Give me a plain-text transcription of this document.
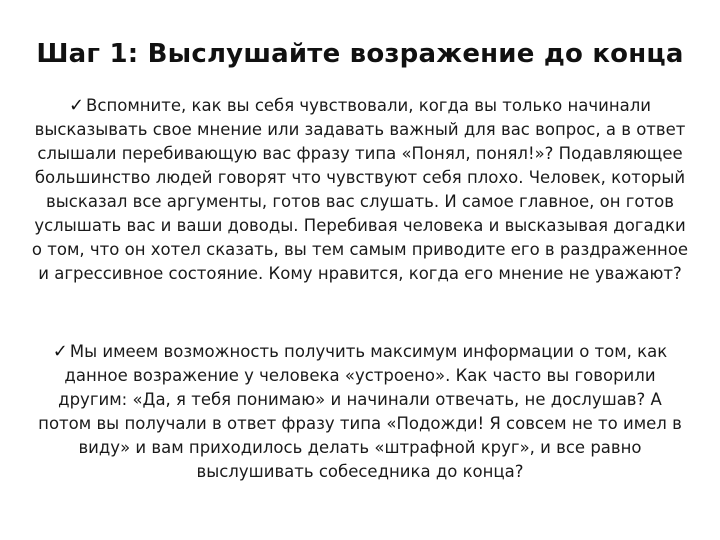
Шаг 1: Выслушайте возражение до конца
✓ Вспомните, как вы себя чувствовали, когда вы только начинали высказывать свое мнение или задавать важный для вас вопрос, а в ответ слышали перебивающую вас фразу типа «Понял, понял!»? Подавляющее большинство людей говорят что чувствуют себя плохо. Человек, который высказал все аргументы, готов вас слушать. И самое главное, он готов услышать вас и ваши доводы. Перебивая человека и высказывая догадки о том, что он хотел сказать, вы тем самым приводите его в раздраженное и агрессивное состояние. Кому нравится, когда его мнение не уважают?
✓ Мы имеем возможность получить максимум информации о том, как данное возражение у человека «устроено». Как часто вы говорили другим: «Да, я тебя понимаю» и начинали отвечать, не дослушав? А потом вы получали в ответ фразу типа «Подожди! Я совсем не то имел в виду» и вам приходилось делать «штрафной круг», и все равно выслушивать собеседника до конца?
